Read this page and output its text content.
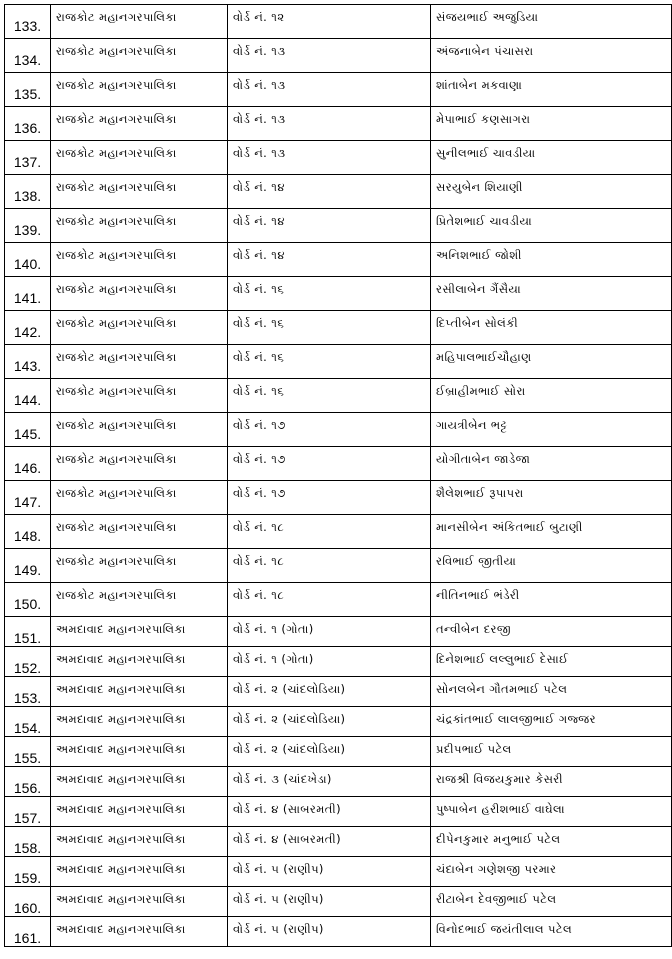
133.	રાજકોટ મહાનગરપાલિકા	વોર્ડ નં. ૧૨	સંજયભાઈ અજુડિયા
134.	રાજકોટ મહાનગરપાલિકા	વોર્ડ નં. ૧૩	અંજનાબેન પંચાસરા
135.	રાજકોટ મહાનગરપાલિકા	વોર્ડ નં. ૧૩	શાંતાબેન મકવાણા
136.	રાજકોટ મહાનગરપાલિકા	વોર્ડ નં. ૧૩	મેપાભાઈ કણસાગરા
137.	રાજકોટ મહાનગરપાલિકા	વોર્ડ નં. ૧૩	સુનીલભાઈ ચાવડીયા
138.	રાજકોટ મહાનગરપાલિકા	વોર્ડ નં. ૧૪	સરયુબેન શિયાણી
139.	રાજકોટ મહાનગરપાલિકા	વોર્ડ નં. ૧૪	પ્રિતેશભાઈ ચાવડીયા
140.	રાજકોટ મહાનગરપાલિકા	વોર્ડ નં. ૧૪	અનિશભાઈ જોશી
141.	રાજકોટ મહાનગરપાલિકા	વોર્ડ નં. ૧૬	રસીલાબેન ગૈંસૈયા
142.	રાજકોટ મહાનગરપાલિકા	વોર્ડ નં. ૧૬	દિપ્તીબેન સોલંકી
143.	રાજકોટ મહાનગરપાલિકા	વોર્ડ નં. ૧૬	મહિપાલભાઈચૌહાણ
144.	રાજકોટ મહાનગરપાલિકા	વોર્ડ નં. ૧૬	ઈબ્રાહીમભાઈ સોરા
145.	રાજકોટ મહાનગરપાલિકા	વોર્ડ નં. ૧૭	ગાયત્રીબેન ભટ્ટ
146.	રાજકોટ મહાનગરપાલિકા	વોર્ડ નં. ૧૭	યોગીતાબેન જાડેજા
147.	રાજકોટ મહાનગરપાલિકા	વોર્ડ નં. ૧૭	શૈલેશભાઈ રૂપાપરા
148.	રાજકોટ મહાનગરપાલિકા	વોર્ડ નં. ૧૮	માનસીબેન અંકિતભાઈ બુટાણી
149.	રાજકોટ મહાનગરપાલિકા	વોર્ડ નં. ૧૮	રવિભાઈ જીતીયા
150.	રાજકોટ મહાનગરપાલિકા	વોર્ડ નં. ૧૮	નીતિનભાઈ ભંડેરી
151.	અમદાવાદ મહાનગરપાલિકા	વોર્ડ નં. ૧ (ગોતા)	તન્વીબેન દરજી
152.	અમદાવાદ મહાનગરપાલિકા	વોર્ડ નં. ૧ (ગોતા)	દિનેશભાઈ લલ્લુભાઈ દેસાઈ
153.	અમદાવાદ મહાનગરપાલિકા	વોર્ડ નં. ૨ (ચાંદલોડિયા)	સોનલબેન ગૌતમભાઈ પટેલ
154.	અમદાવાદ મહાનગરપાલિકા	વોર્ડ નં. ૨ (ચાંદલોડિયા)	ચંદ્રકાંતભાઈ લાલજીભાઈ ગજ્જર
155.	અમદાવાદ મહાનગરપાલિકા	વોર્ડ નં. ૨ (ચાંદલોડિયા)	પ્રદીપભાઈ પટેલ
156.	અમદાવાદ મહાનગરપાલિકા	વોર્ડ નં. ૩ (ચાંદખેડા)	રાજશ્રી વિજયકુમાર કેસરી
157.	અમદાવાદ મહાનગરપાલિકા	વોર્ડ નં. ૪ (સાબરમતી)	પુષ્પાબેન હરીશભાઈ વાઘેલા
158.	અમદાવાદ મહાનગરપાલિકા	વોર્ડ નં. ૪ (સાબરમતી)	દીપેનકુમાર મનુભાઈ પટેલ
159.	અમદાવાદ મહાનગરપાલિકા	વોર્ડ નં. ૫ (રાણીપ)	ચંદાબેન ગણેશજી પરમાર
160.	અમદાવાદ મહાનગરપાલિકા	વોર્ડ નં. ૫ (રાણીપ)	રીટાબેન દેવજીભાઈ પટેલ
161.	અમદાવાદ મહાનગરપાલિકા	વોર્ડ નં. ૫ (રાણીપ)	વિનોદભાઈ જયંતીલાલ પટેલ
